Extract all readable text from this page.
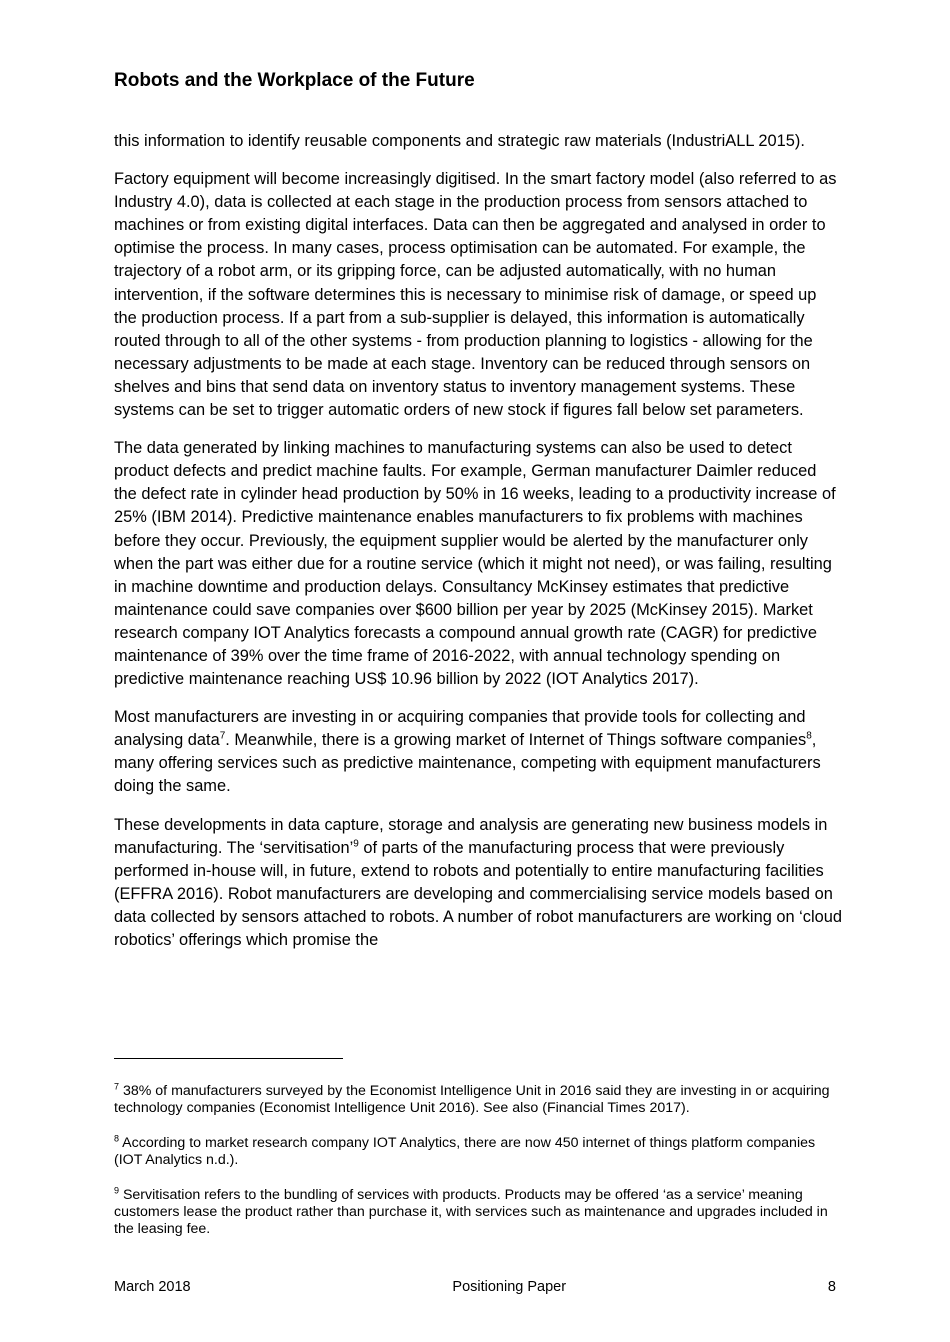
Robots and the Workplace of the Future

this information to identify reusable components and strategic raw materials (IndustriALL 2015).

Factory equipment will become increasingly digitised. In the smart factory model (also referred to as Industry 4.0), data is collected at each stage in the production process from sensors attached to machines or from existing digital interfaces. Data can then be aggregated and analysed in order to optimise the process. In many cases, process optimisation can be automated. For example, the trajectory of a robot arm, or its gripping force, can be adjusted automatically, with no human intervention, if the software determines this is necessary to minimise risk of damage, or speed up the production process. If a part from a sub-supplier is delayed, this information is automatically routed through to all of the other systems - from production planning to logistics - allowing for the necessary adjustments to be made at each stage. Inventory can be reduced through sensors on shelves and bins that send data on inventory status to inventory management systems. These systems can be set to trigger automatic orders of new stock if figures fall below set parameters.

The data generated by linking machines to manufacturing systems can also be used to detect product defects and predict machine faults. For example, German manufacturer Daimler reduced the defect rate in cylinder head production by 50% in 16 weeks, leading to a productivity increase of 25% (IBM 2014). Predictive maintenance enables manufacturers to fix problems with machines before they occur. Previously, the equipment supplier would be alerted by the manufacturer only when the part was either due for a routine service (which it might not need), or was failing, resulting in machine downtime and production delays. Consultancy McKinsey estimates that predictive maintenance could save companies over $600 billion per year by 2025 (McKinsey 2015). Market research company IOT Analytics forecasts a compound annual growth rate (CAGR) for predictive maintenance of 39% over the time frame of 2016-2022, with annual technology spending on predictive maintenance reaching US$ 10.96 billion by 2022 (IOT Analytics 2017).

Most manufacturers are investing in or acquiring companies that provide tools for collecting and analysing data$^7$. Meanwhile, there is a growing market of Internet of Things software companies$^8$, many offering services such as predictive maintenance, competing with equipment manufacturers doing the same.

These developments in data capture, storage and analysis are generating new business models in manufacturing. The ‘servitisation’$^9$ of parts of the manufacturing process that were previously performed in-house will, in future, extend to robots and potentially to entire manufacturing facilities (EFFRA 2016). Robot manufacturers are developing and commercialising service models based on data collected by sensors attached to robots. A number of robot manufacturers are working on ‘cloud robotics’ offerings which promise the

$^7$ 38% of manufacturers surveyed by the Economist Intelligence Unit in 2016 said they are investing in or acquiring technology companies (Economist Intelligence Unit 2016). See also (Financial Times 2017).

$^8$ According to market research company IOT Analytics, there are now 450 internet of things platform companies (IOT Analytics n.d.).

$^9$ Servitisation refers to the bundling of services with products. Products may be offered ‘as a service’ meaning customers lease the product rather than purchase it, with services such as maintenance and upgrades included in the leasing fee.

March 2018	Positioning Paper	8
